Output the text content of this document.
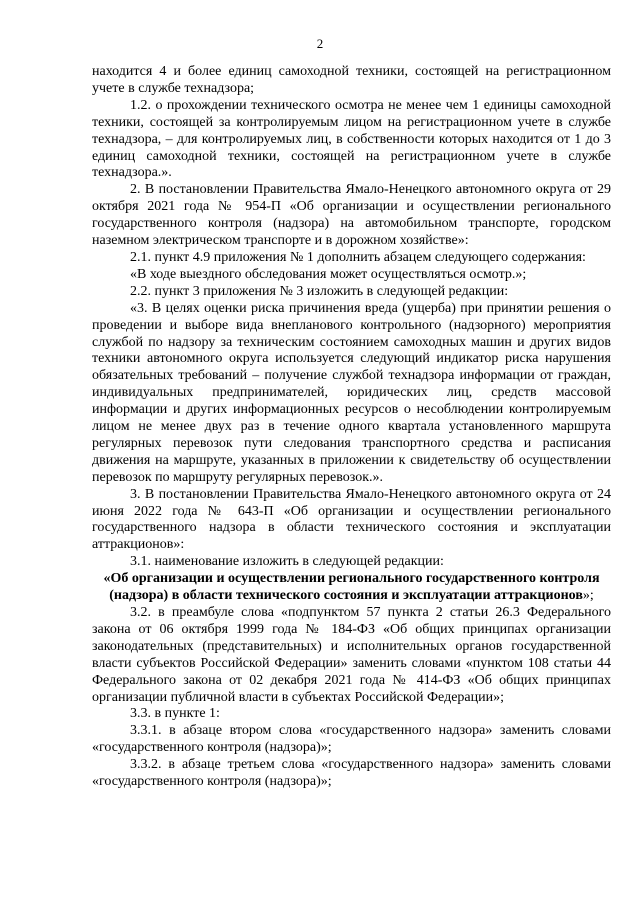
2

находится 4 и более единиц самоходной техники, состоящей на регистрационном учете в службе технадзора;

1.2. о прохождении технического осмотра не менее чем 1 единицы самоходной техники, состоящей за контролируемым лицом на регистрационном учете в службе технадзора, – для контролируемых лиц, в собственности которых находится от 1 до 3 единиц самоходной техники, состоящей на регистрационном учете в службе технадзора.».

2. В постановлении Правительства Ямало-Ненецкого автономного округа от 29 октября 2021 года № 954-П «Об организации и осуществлении регионального государственного контроля (надзора) на автомобильном транспорте, городском наземном электрическом транспорте и в дорожном хозяйстве»:

2.1. пункт 4.9 приложения № 1 дополнить абзацем следующего содержания:

«В ходе выездного обследования может осуществляться осмотр.»;

2.2. пункт 3 приложения № 3 изложить в следующей редакции:

«3. В целях оценки риска причинения вреда (ущерба) при принятии решения о проведении и выборе вида внепланового контрольного (надзорного) мероприятия службой по надзору за техническим состоянием самоходных машин и других видов техники автономного округа используется следующий индикатор риска нарушения обязательных требований – получение службой технадзора информации от граждан, индивидуальных предпринимателей, юридических лиц, средств массовой информации и других информационных ресурсов о несоблюдении контролируемым лицом не менее двух раз в течение одного квартала установленного маршрута регулярных перевозок пути следования транспортного средства и расписания движения на маршруте, указанных в приложении к свидетельству об осуществлении перевозок по маршруту регулярных перевозок.».

3. В постановлении Правительства Ямало-Ненецкого автономного округа от 24 июня 2022 года № 643-П «Об организации и осуществлении регионального государственного надзора в области технического состояния и эксплуатации аттракционов»:

3.1. наименование изложить в следующей редакции:

«Об организации и осуществлении регионального государственного контроля (надзора) в области технического состояния и эксплуатации аттракционов»;

3.2. в преамбуле слова «подпунктом 57 пункта 2 статьи 26.3 Федерального закона от 06 октября 1999 года № 184-ФЗ «Об общих принципах организации законодательных (представительных) и исполнительных органов государственной власти субъектов Российской Федерации» заменить словами «пунктом 108 статьи 44 Федерального закона от 02 декабря 2021 года № 414-ФЗ «Об общих принципах организации публичной власти в субъектах Российской Федерации»;

3.3. в пункте 1:

3.3.1. в абзаце втором слова «государственного надзора» заменить словами «государственного контроля (надзора)»;

3.3.2. в абзаце третьем слова «государственного надзора» заменить словами «государственного контроля (надзора)»;
